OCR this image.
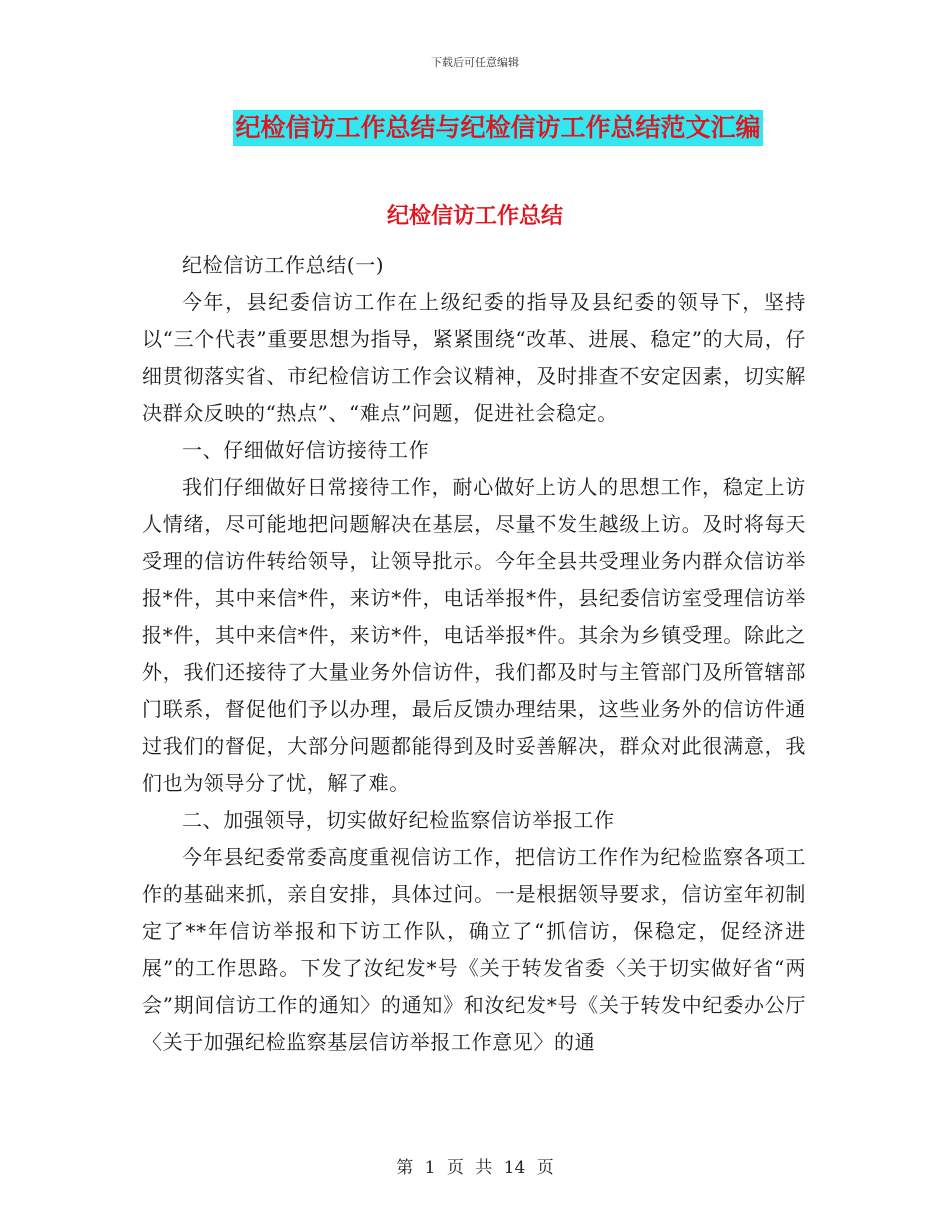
下载后可任意编辑
纪检信访工作总结与纪检信访工作总结范文汇编
纪检信访工作总结

纪检信访工作总结(一)

今年，县纪委信访工作在上级纪委的指导及县纪委的领导下，坚持以“三个代表”重要思想为指导，紧紧围绕“改革、进展、稳定”的大局，仔细贯彻落实省、市纪检信访工作会议精神，及时排查不安定因素，切实解决群众反映的“热点”、“难点”问题，促进社会稳定。

一、仔细做好信访接待工作

我们仔细做好日常接待工作，耐心做好上访人的思想工作，稳定上访人情绪，尽可能地把问题解决在基层，尽量不发生越级上访。及时将每天受理的信访件转给领导，让领导批示。今年全县共受理业务内群众信访举报*件，其中来信*件，来访*件，电话举报*件，县纪委信访室受理信访举报*件，其中来信*件，来访*件，电话举报*件。其余为乡镇受理。除此之外，我们还接待了大量业务外信访件，我们都及时与主管部门及所管辖部门联系，督促他们予以办理，最后反馈办理结果，这些业务外的信访件通过我们的督促，大部分问题都能得到及时妥善解决，群众对此很满意，我们也为领导分了忧，解了难。

二、加强领导，切实做好纪检监察信访举报工作

今年县纪委常委高度重视信访工作，把信访工作作为纪检监察各项工作的基础来抓，亲自安排，具体过问。一是根据领导要求，信访室年初制定了**年信访举报和下访工作队，确立了“抓信访，保稳定，促经济进展”的工作思路。下发了汝纪发*号《关于转发省委〈关于切实做好省“两会”期间信访工作的通知〉的通知》和汝纪发*号《关于转发中纪委办公厅〈关于加强纪检监察基层信访举报工作意见〉的通

第 1 页 共 14 页
